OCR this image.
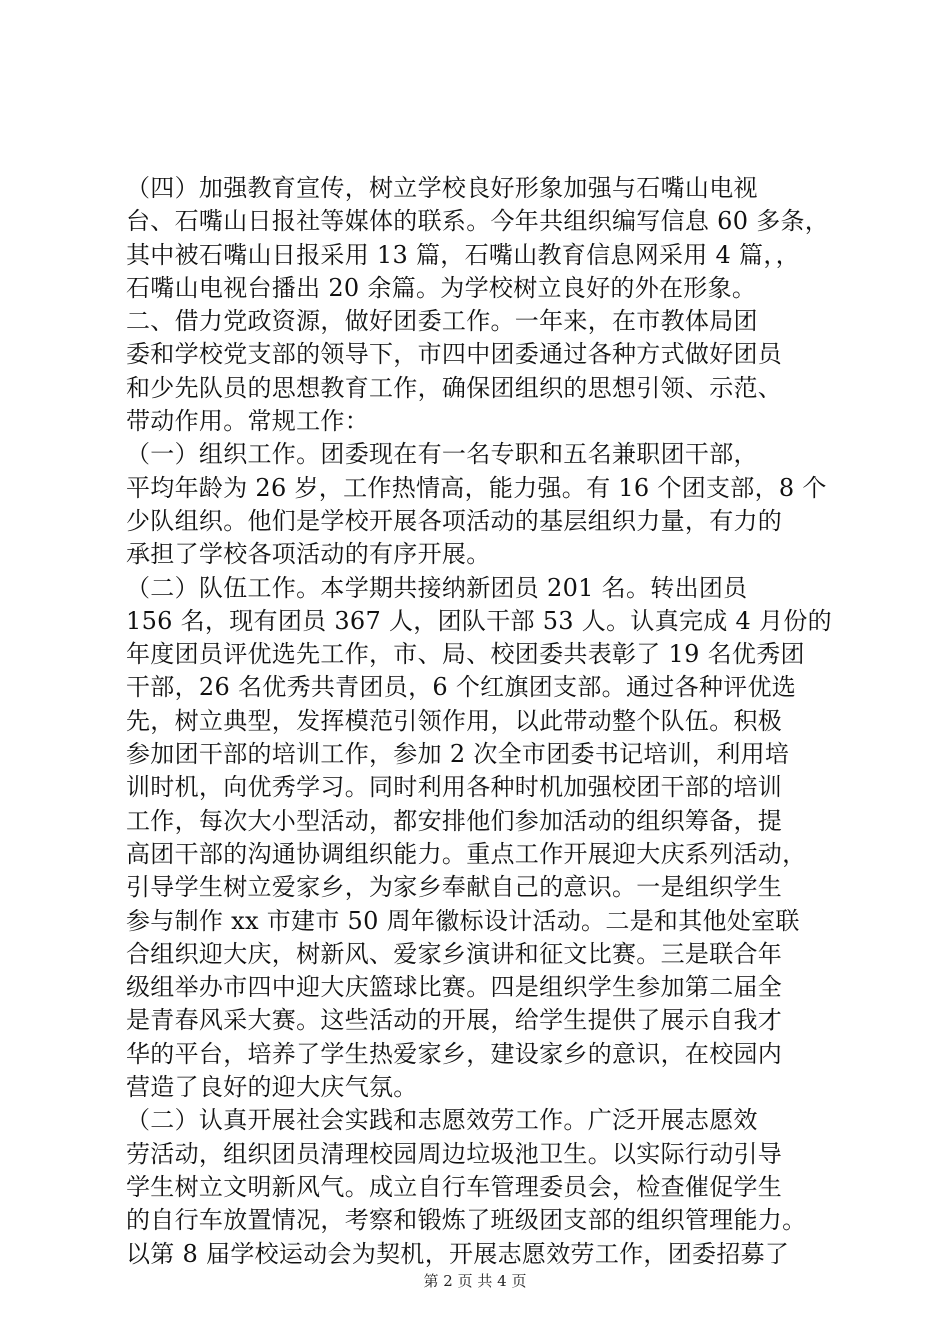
（四）加强教育宣传，树立学校良好形象加强与石嘴山电视
台、石嘴山日报社等媒体的联系。今年共组织编写信息 60 多条，
其中被石嘴山日报采用 13 篇，石嘴山教育信息网采用 4 篇，，
石嘴山电视台播出 20 余篇。为学校树立良好的外在形象。
二、借力党政资源，做好团委工作。一年来，在市教体局团
委和学校党支部的领导下，市四中团委通过各种方式做好团员
和少先队员的思想教育工作，确保团组织的思想引领、示范、
带动作用。常规工作：
（一）组织工作。团委现在有一名专职和五名兼职团干部，
平均年龄为 26 岁，工作热情高，能力强。有 16 个团支部，8 个
少队组织。他们是学校开展各项活动的基层组织力量，有力的
承担了学校各项活动的有序开展。
（二）队伍工作。本学期共接纳新团员 201 名。转出团员
156 名，现有团员 367 人，团队干部 53 人。认真完成 4 月份的
年度团员评优选先工作，市、局、校团委共表彰了 19 名优秀团
干部，26 名优秀共青团员，6 个红旗团支部。通过各种评优选
先，树立典型，发挥模范引领作用，以此带动整个队伍。积极
参加团干部的培训工作，参加 2 次全市团委书记培训，利用培
训时机，向优秀学习。同时利用各种时机加强校团干部的培训
工作，每次大小型活动，都安排他们参加活动的组织筹备，提
高团干部的沟通协调组织能力。重点工作开展迎大庆系列活动，
引导学生树立爱家乡，为家乡奉献自己的意识。一是组织学生
参与制作 xx 市建市 50 周年徽标设计活动。二是和其他处室联
合组织迎大庆，树新风、爱家乡演讲和征文比赛。三是联合年
级组举办市四中迎大庆篮球比赛。四是组织学生参加第二届全
是青春风采大赛。这些活动的开展，给学生提供了展示自我才
华的平台，培养了学生热爱家乡，建设家乡的意识，在校园内
营造了良好的迎大庆气氛。
（二）认真开展社会实践和志愿效劳工作。广泛开展志愿效
劳活动，组织团员清理校园周边垃圾池卫生。以实际行动引导
学生树立文明新风气。成立自行车管理委员会，检查催促学生
的自行车放置情况，考察和锻炼了班级团支部的组织管理能力。
以第 8 届学校运动会为契机，开展志愿效劳工作，团委招募了
第 2 页 共 4 页
